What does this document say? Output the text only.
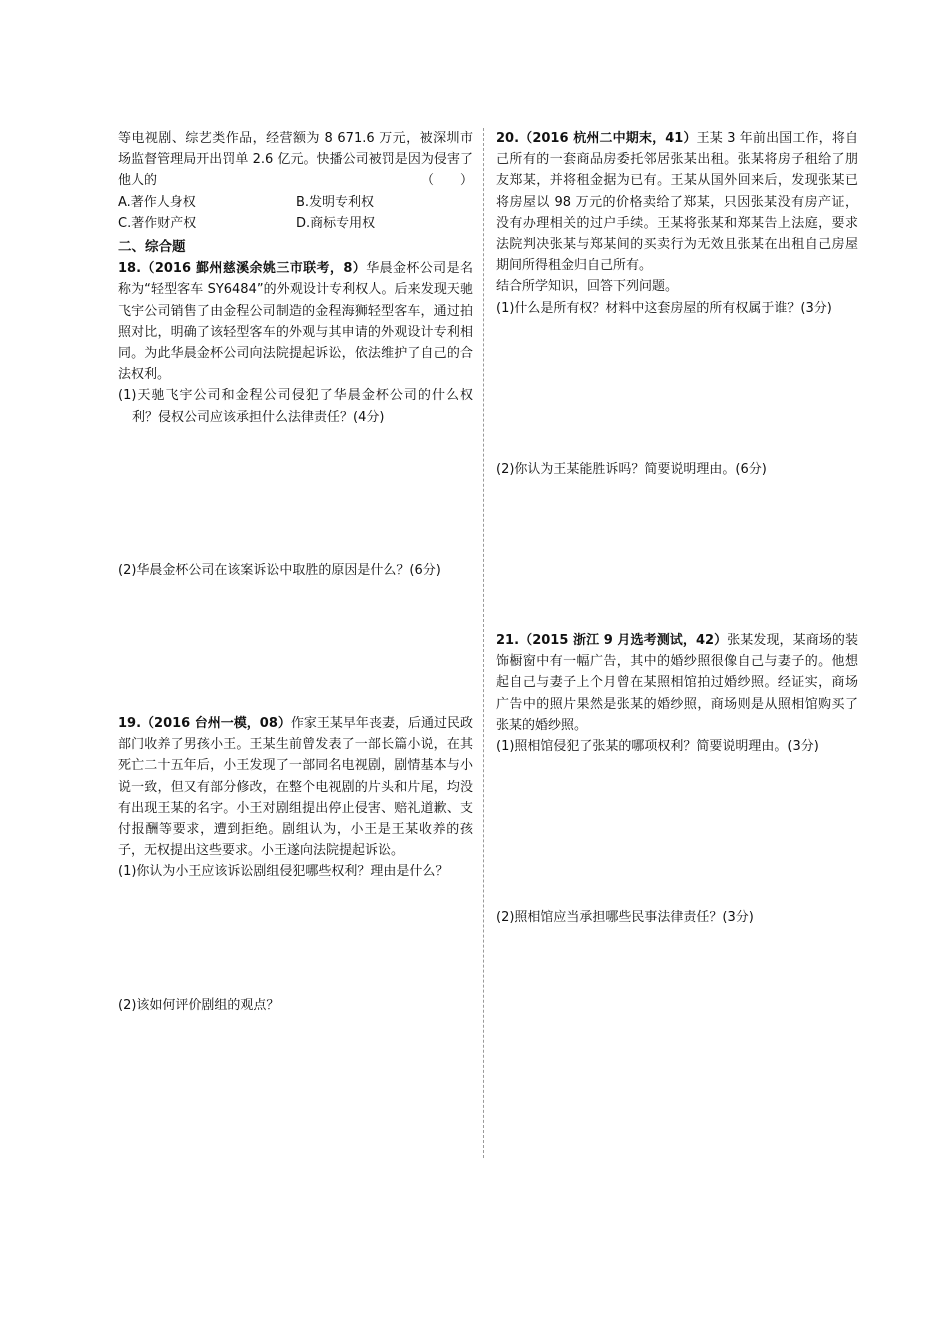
等电视剧、综艺类作品，经营额为 8 671.6 万元，被深圳市场监督管理局开出罚单 2.6 亿元。快播公司被罚是因为侵害了他人的	（　　）

A.著作人身权	B.发明专利权
C.著作财产权	D.商标专用权

二、综合题

18.（2016 鄞州慈溪余姚三市联考，8）华晨金杯公司是名称为“轻型客车 SY6484”的外观设计专利权人。后来发现天驰飞宇公司销售了由金程公司制造的金程海狮轻型客车，通过拍照对比，明确了该轻型客车的外观与其申请的外观设计专利相同。为此华晨金杯公司向法院提起诉讼，依法维护了自己的合法权利。

(1)天驰飞宇公司和金程公司侵犯了华晨金杯公司的什么权利？侵权公司应该承担什么法律责任？(4分)

(2)华晨金杯公司在该案诉讼中取胜的原因是什么？(6分)

19.（2016 台州一模，08）作家王某早年丧妻，后通过民政部门收养了男孩小王。王某生前曾发表了一部长篇小说，在其死亡二十五年后，小王发现了一部同名电视剧，剧情基本与小说一致，但又有部分修改，在整个电视剧的片头和片尾，均没有出现王某的名字。小王对剧组提出停止侵害、赔礼道歉、支付报酬等要求，遭到拒绝。剧组认为，小王是王某收养的孩子，无权提出这些要求。小王遂向法院提起诉讼。

(1)你认为小王应该诉讼剧组侵犯哪些权利？理由是什么？

(2)该如何评价剧组的观点？

20.（2016 杭州二中期末，41）王某 3 年前出国工作，将自己所有的一套商品房委托邻居张某出租。张某将房子租给了朋友郑某，并将租金据为已有。王某从国外回来后，发现张某已将房屋以 98 万元的价格卖给了郑某，只因张某没有房产证，没有办理相关的过户手续。王某将张某和郑某告上法庭，要求法院判决张某与郑某间的买卖行为无效且张某在出租自己房屋期间所得租金归自己所有。

结合所学知识，回答下列问题。

(1)什么是所有权？材料中这套房屋的所有权属于谁？(3分)

(2)你认为王某能胜诉吗？简要说明理由。(6分)

21.（2015 浙江 9 月选考测试，42）张某发现，某商场的装饰橱窗中有一幅广告，其中的婚纱照很像自己与妻子的。他想起自己与妻子上个月曾在某照相馆拍过婚纱照。经证实，商场广告中的照片果然是张某的婚纱照，商场则是从照相馆购买了张某的婚纱照。

(1)照相馆侵犯了张某的哪项权利？简要说明理由。(3分)

(2)照相馆应当承担哪些民事法律责任？(3分)
